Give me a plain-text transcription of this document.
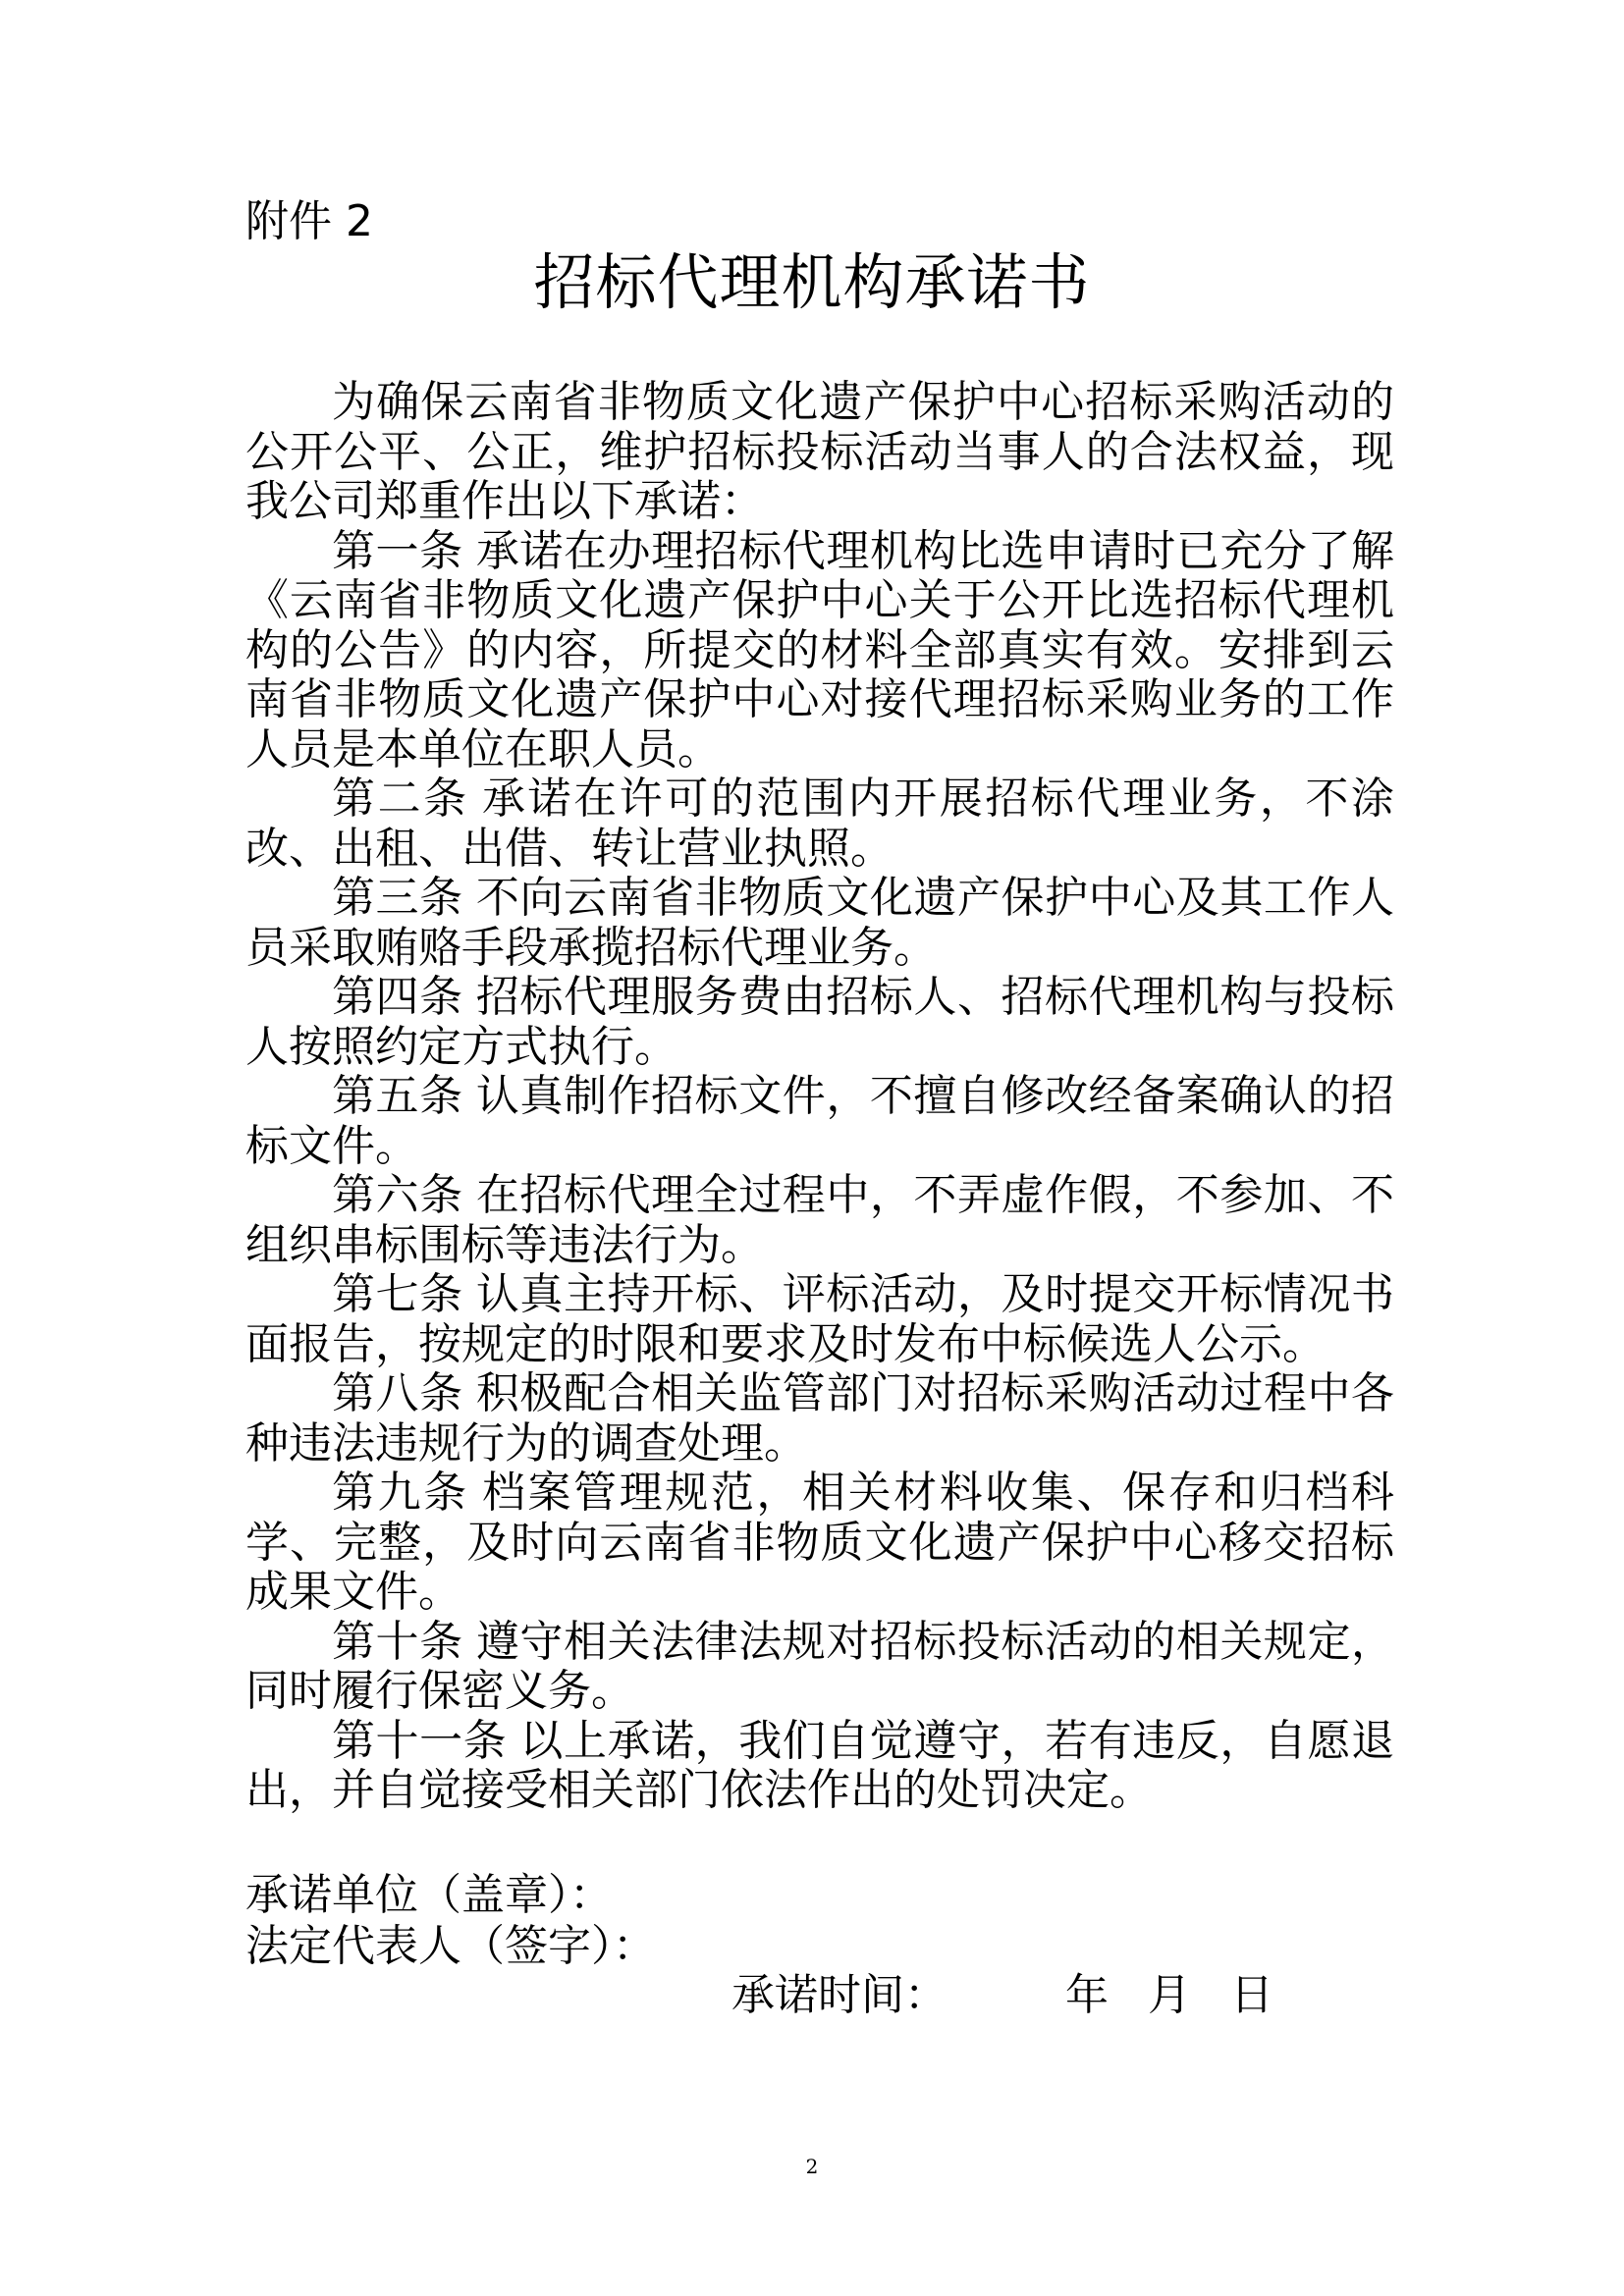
附件 2
招标代理机构承诺书

为确保云南省非物质文化遗产保护中心招标采购活动的公开公平、公正，维护招标投标活动当事人的合法权益，现我公司郑重作出以下承诺：

第一条 承诺在办理招标代理机构比选申请时已充分了解《云南省非物质文化遗产保护中心关于公开比选招标代理机构的公告》的内容，所提交的材料全部真实有效。安排到云南省非物质文化遗产保护中心对接代理招标采购业务的工作人员是本单位在职人员。

第二条 承诺在许可的范围内开展招标代理业务，不涂改、出租、出借、转让营业执照。

第三条 不向云南省非物质文化遗产保护中心及其工作人员采取贿赂手段承揽招标代理业务。

第四条 招标代理服务费由招标人、招标代理机构与投标人按照约定方式执行。

第五条 认真制作招标文件，不擅自修改经备案确认的招标文件。

第六条 在招标代理全过程中，不弄虚作假，不参加、不组织串标围标等违法行为。

第七条 认真主持开标、评标活动，及时提交开标情况书面报告，按规定的时限和要求及时发布中标候选人公示。

第八条 积极配合相关监管部门对招标采购活动过程中各种违法违规行为的调查处理。

第九条 档案管理规范，相关材料收集、保存和归档科学、完整，及时向云南省非物质文化遗产保护中心移交招标成果文件。

第十条 遵守相关法律法规对招标投标活动的相关规定，同时履行保密义务。

第十一条 以上承诺，我们自觉遵守，若有违反，自愿退出，并自觉接受相关部门依法作出的处罚决定。

承诺单位（盖章）：
法定代表人（签字）：
承诺时间：	年 月 日
2
